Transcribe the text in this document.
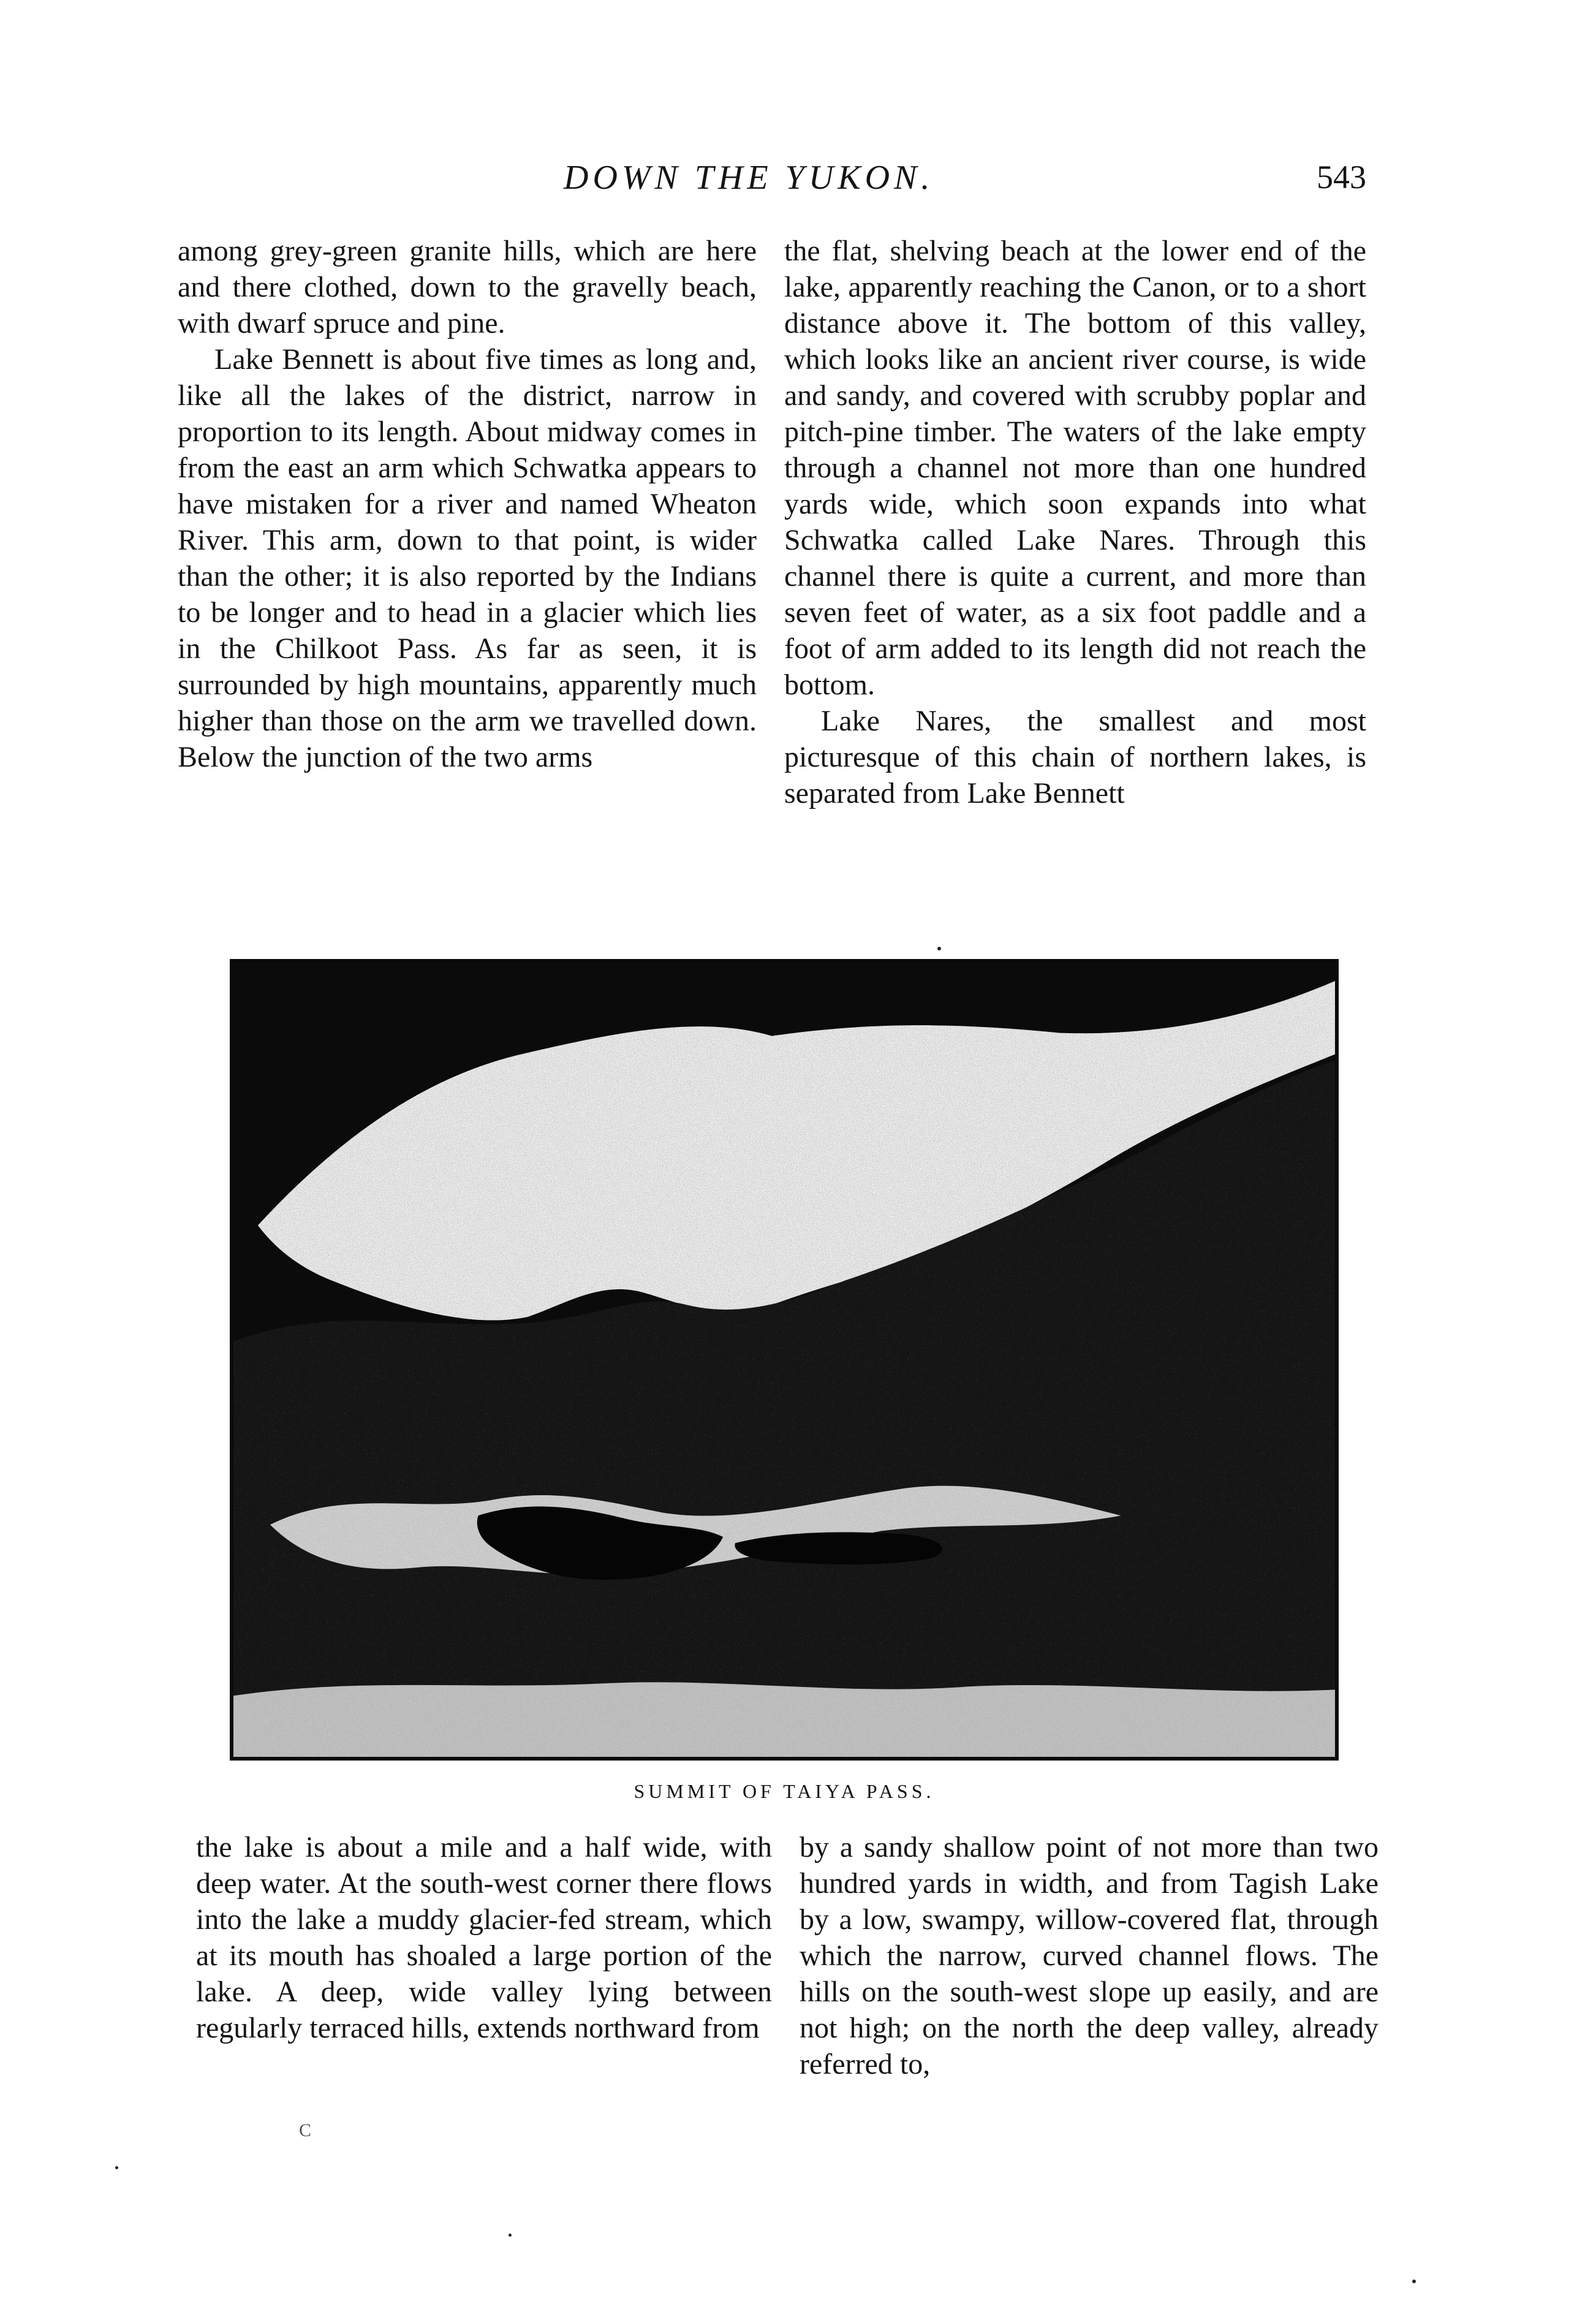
DOWN THE YUKON.	543

among grey-green granite hills, which are here and there clothed, down to the gravelly beach, with dwarf spruce and pine.

Lake Bennett is about five times as long and, like all the lakes of the district, narrow in proportion to its length. About midway comes in from the east an arm which Schwatka appears to have mistaken for a river and named Wheaton River. This arm, down to that point, is wider than the other; it is also reported by the Indians to be longer and to head in a glacier which lies in the Chilkoot Pass. As far as seen, it is surrounded by high mountains, apparently much higher than those on the arm we travelled down. Below the junction of the two arms

the flat, shelving beach at the lower end of the lake, apparently reaching the Canon, or to a short distance above it. The bottom of this valley, which looks like an ancient river course, is wide and sandy, and covered with scrubby poplar and pitch-pine timber. The waters of the lake empty through a channel not more than one hundred yards wide, which soon expands into what Schwatka called Lake Nares. Through this channel there is quite a current, and more than seven feet of water, as a six foot paddle and a foot of arm added to its length did not reach the bottom.

Lake Nares, the smallest and most picturesque of this chain of northern lakes, is separated from Lake Bennett

SUMMIT OF TAIYA PASS.

the lake is about a mile and a half wide, with deep water. At the south-west corner there flows into the lake a muddy glacier-fed stream, which at its mouth has shoaled a large portion of the lake. A deep, wide valley lying between regularly terraced hills, extends northward from

by a sandy shallow point of not more than two hundred yards in width, and from Tagish Lake by a low, swampy, willow-covered flat, through which the narrow, curved channel flows. The hills on the south-west slope up easily, and are not high; on the north the deep valley, already referred to,

C
